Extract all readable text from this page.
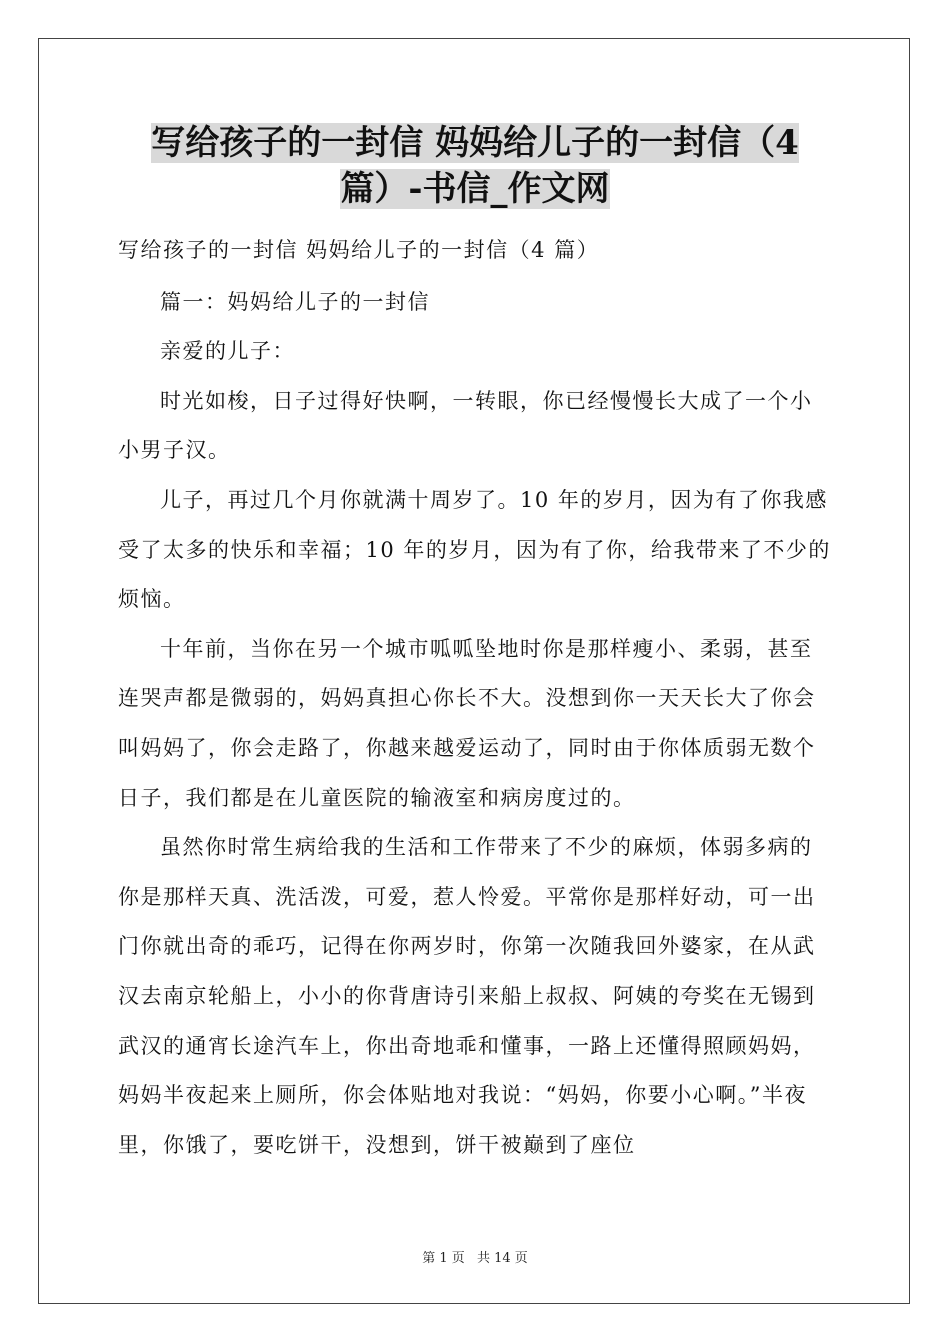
写给孩子的一封信 妈妈给儿子的一封信（4
篇）-书信_作文网

写给孩子的一封信 妈妈给儿子的一封信（4 篇）

篇一：妈妈给儿子的一封信

亲爱的儿子：

时光如梭，日子过得好快啊，一转眼，你已经慢慢长大成了一个小小男子汉。

儿子，再过几个月你就满十周岁了。10 年的岁月，因为有了你我感受了太多的快乐和幸福；10 年的岁月，因为有了你，给我带来了不少的烦恼。

十年前，当你在另一个城市呱呱坠地时你是那样瘦小、柔弱，甚至连哭声都是微弱的，妈妈真担心你长不大。没想到你一天天长大了你会叫妈妈了，你会走路了，你越来越爱运动了，同时由于你体质弱无数个日子，我们都是在儿童医院的输液室和病房度过的。

虽然你时常生病给我的生活和工作带来了不少的麻烦，体弱多病的你是那样天真、洗活泼，可爱，惹人怜爱。平常你是那样好动，可一出门你就出奇的乖巧，记得在你两岁时，你第一次随我回外婆家，在从武汉去南京轮船上，小小的你背唐诗引来船上叔叔、阿姨的夸奖在无锡到武汉的通宵长途汽车上，你出奇地乖和懂事，一路上还懂得照顾妈妈，妈妈半夜起来上厕所，你会体贴地对我说：“妈妈，你要小心啊。”半夜里，你饿了，要吃饼干，没想到，饼干被巅到了座位

第 1 页 共 14 页
